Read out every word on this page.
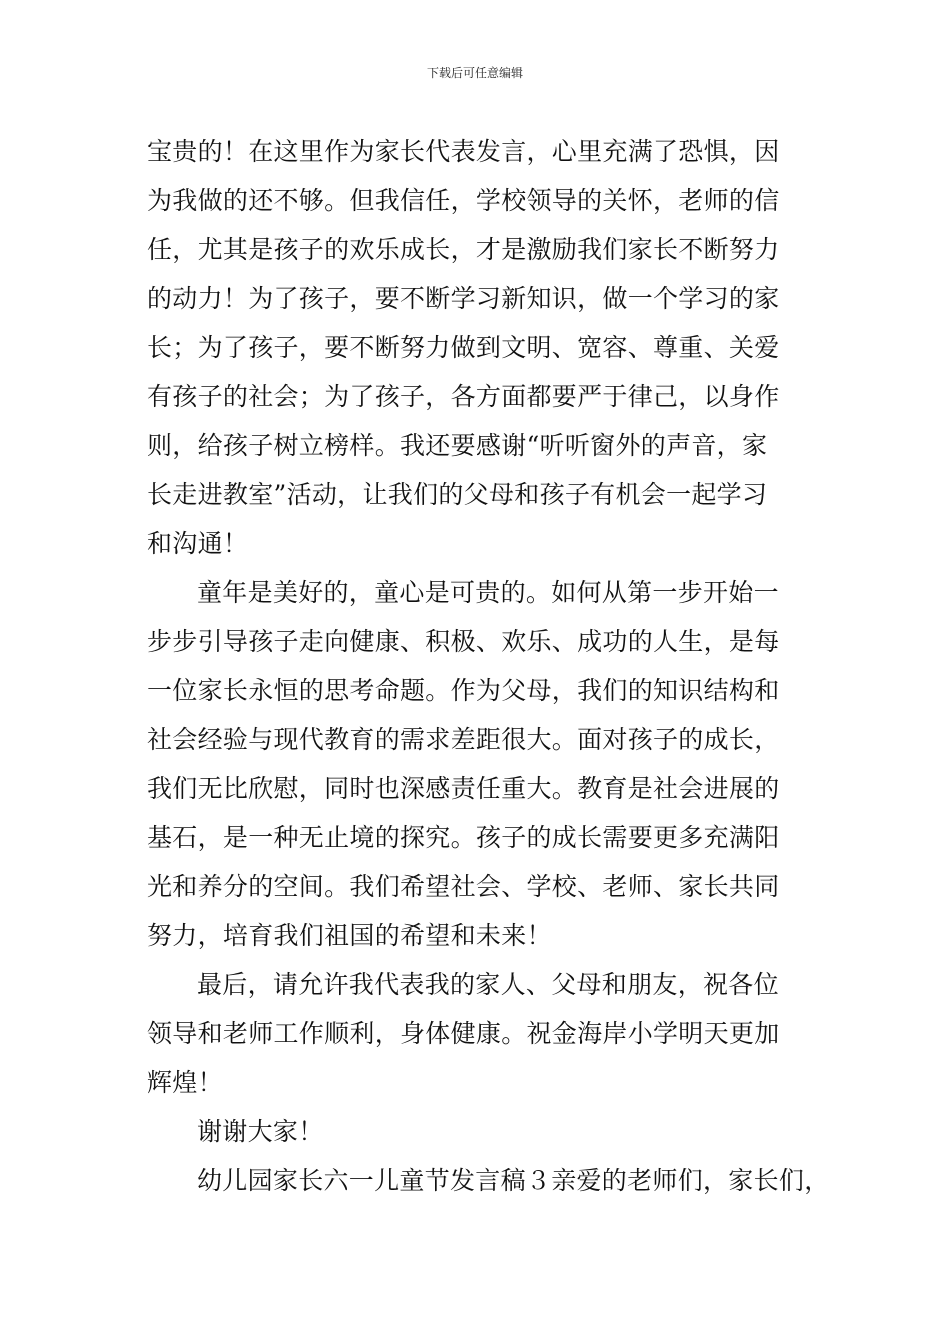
下载后可任意编辑
宝贵的！在这里作为家长代表发言，心里充满了恐惧，因
为我做的还不够。但我信任，学校领导的关怀，老师的信
任，尤其是孩子的欢乐成长，才是激励我们家长不断努力
的动力！为了孩子，要不断学习新知识，做一个学习的家
长；为了孩子，要不断努力做到文明、宽容、尊重、关爱
有孩子的社会；为了孩子，各方面都要严于律己，以身作
则，给孩子树立榜样。我还要感谢“听听窗外的声音，家
长走进教室”活动，让我们的父母和孩子有机会一起学习
和沟通！
童年是美好的，童心是可贵的。如何从第一步开始一
步步引导孩子走向健康、积极、欢乐、成功的人生，是每
一位家长永恒的思考命题。作为父母，我们的知识结构和
社会经验与现代教育的需求差距很大。面对孩子的成长，
我们无比欣慰，同时也深感责任重大。教育是社会进展的
基石，是一种无止境的探究。孩子的成长需要更多充满阳
光和养分的空间。我们希望社会、学校、老师、家长共同
努力，培育我们祖国的希望和未来！
最后，请允许我代表我的家人、父母和朋友，祝各位
领导和老师工作顺利，身体健康。祝金海岸小学明天更加
辉煌！
谢谢大家！
幼儿园家长六一儿童节发言稿３亲爱的老师们，家长们，
